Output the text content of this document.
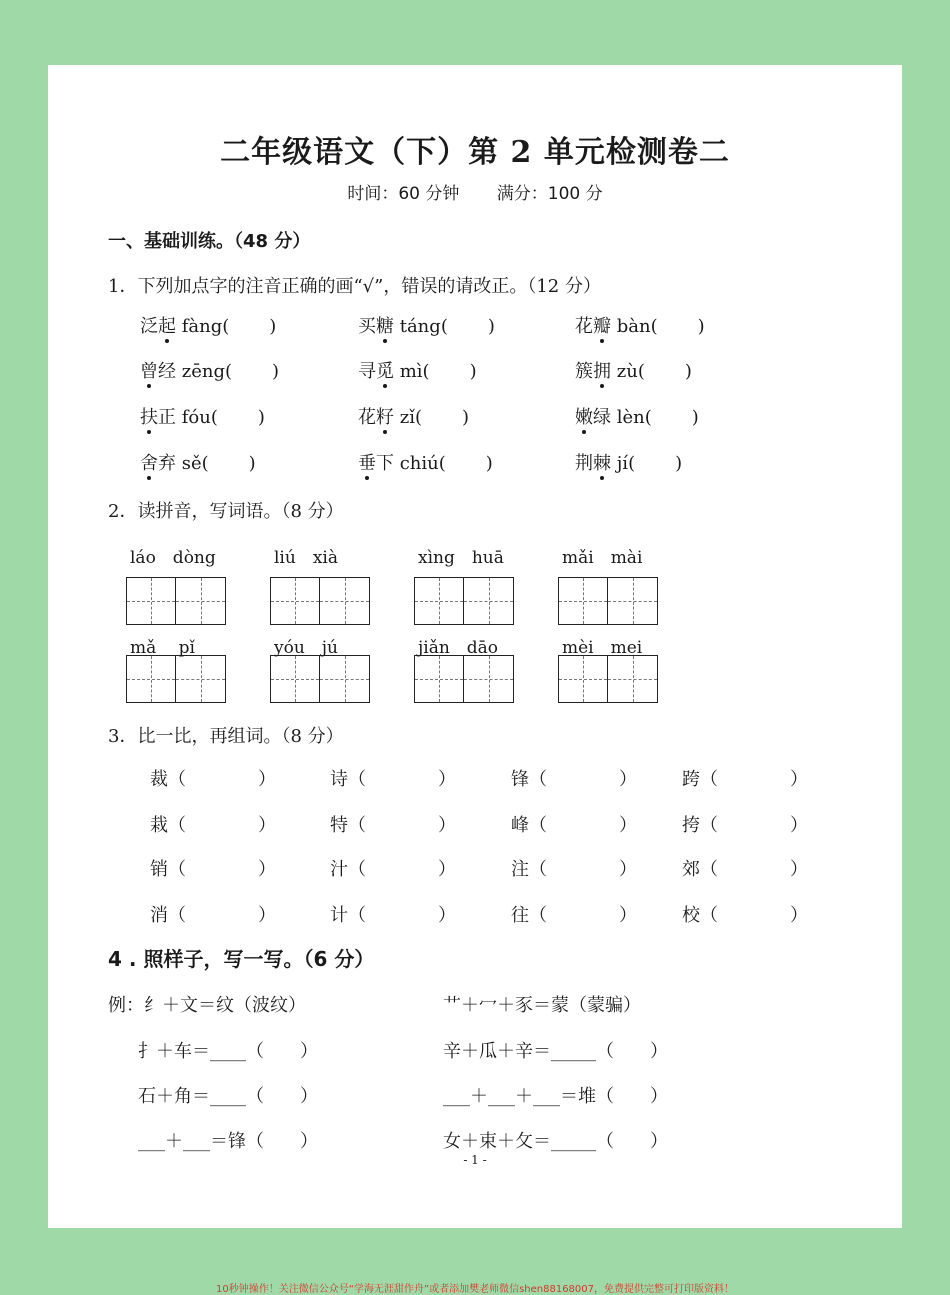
二年级语文（下）第 2 单元检测卷二
时间：60 分钟 满分：100 分
一、基础训练。（48 分）
1．下列加点字的注音正确的画“√”，错误的请改正。（12 分）
泛起 fàng() 买糖 táng() 花瓣 bàn()
曾经 zēng() 寻觅 mì()	簇拥 zù()
扶正 fóu()	花籽 zǐ()	嫩绿 lèn()
舍弃 sě()	垂下 chiú() 荆棘 jí()
2．读拼音，写词语。（8 分）
láo　dòng	liú　xià	xìng　huā	mǎi　mài
mǎ　 pǐ	yóu　jú	jiǎn　dāo	mèi　mei
3．比一比，再组词。（8 分）
裁（　　　　）	诗（　　　　）	锋（　　　　）	跨（　　　　）
栽（　　　　）	特（　　　　）	峰（　　　　）	挎（　　　　）
销（　　　　）	汁（　　　　）	注（　　　　）	郊（　　　　）
消（　　　　）	计（　　　　）	往（　　　　）	校（　　　　）
4 . 照样子，写一写。（6 分）
例：纟＋文＝纹（波纹）	艹＋冖＋豕＝蒙（蒙骗）
扌＋车＝____（　　）	辛＋瓜＋辛＝_____（　　）
石＋角＝____（　　）	___＋___＋___＝堆（　　）
___＋___＝锋（　　）	女＋束＋攵＝_____（　　）
- 1 -
10秒钟操作！关注微信公众号“学海无涯甜作舟”或者添加樊老师微信shen88168007，免费提供完整可打印版资料！
